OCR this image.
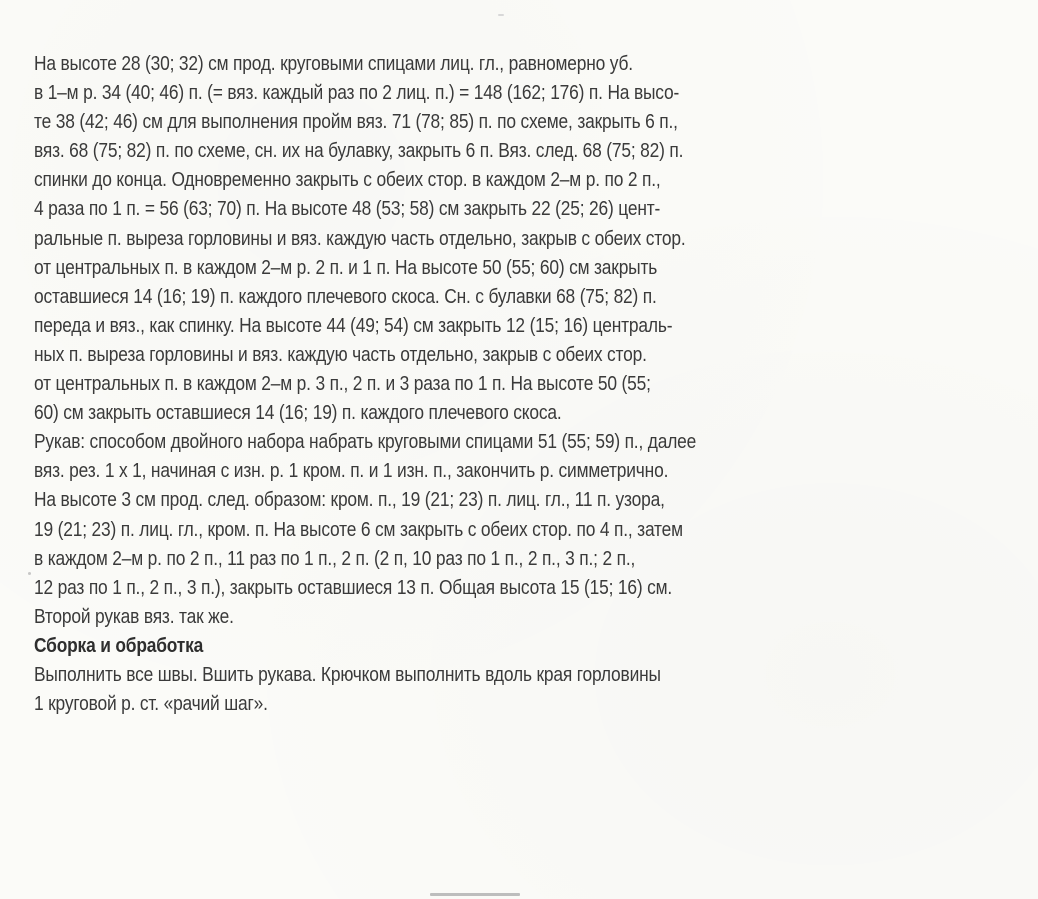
На высоте 28 (30; 32) см прод. круговыми спицами лиц. гл., равномерно уб.
в 1–м р. 34 (40; 46) п. (= вяз. каждый раз по 2 лиц. п.) = 148 (162; 176) п. На высо-
те 38 (42; 46) см для выполнения пройм вяз. 71 (78; 85) п. по схеме, закрыть 6 п.,
вяз. 68 (75; 82) п. по схеме, сн. их на булавку, закрыть 6 п. Вяз. след. 68 (75; 82) п.
спинки до конца. Одновременно закрыть с обеих стор. в каждом 2–м р. по 2 п.,
4 раза по 1 п. = 56 (63; 70) п. На высоте 48 (53; 58) см закрыть 22 (25; 26) цент-
ральные п. выреза горловины и вяз. каждую часть отдельно, закрыв с обеих стор.
от центральных п. в каждом 2–м р. 2 п. и 1 п. На высоте 50 (55; 60) см закрыть
оставшиеся 14 (16; 19) п. каждого плечевого скоса. Сн. с булавки 68 (75; 82) п.
переда и вяз., как спинку. На высоте 44 (49; 54) см закрыть 12 (15; 16) централь-
ных п. выреза горловины и вяз. каждую часть отдельно, закрыв с обеих стор.
от центральных п. в каждом 2–м р. 3 п., 2 п. и 3 раза по 1 п. На высоте 50 (55;
60) см закрыть оставшиеся 14 (16; 19) п. каждого плечевого скоса.
Рукав: способом двойного набора набрать круговыми спицами 51 (55; 59) п., далее
вяз. рез. 1 х 1, начиная с изн. р. 1 кром. п. и 1 изн. п., закончить р. симметрично.
На высоте 3 см прод. след. образом: кром. п., 19 (21; 23) п. лиц. гл., 11 п. узора,
19 (21; 23) п. лиц. гл., кром. п. На высоте 6 см закрыть с обеих стор. по 4 п., затем
в каждом 2–м р. по 2 п., 11 раз по 1 п., 2 п. (2 п, 10 раз по 1 п., 2 п., 3 п.; 2 п.,
12 раз по 1 п., 2 п., 3 п.), закрыть оставшиеся 13 п. Общая высота 15 (15; 16) см.
Второй рукав вяз. так же.
Сборка и обработка
Выполнить все швы. Вшить рукава. Крючком выполнить вдоль края горловины
1 круговой р. ст. «рачий шаг».
